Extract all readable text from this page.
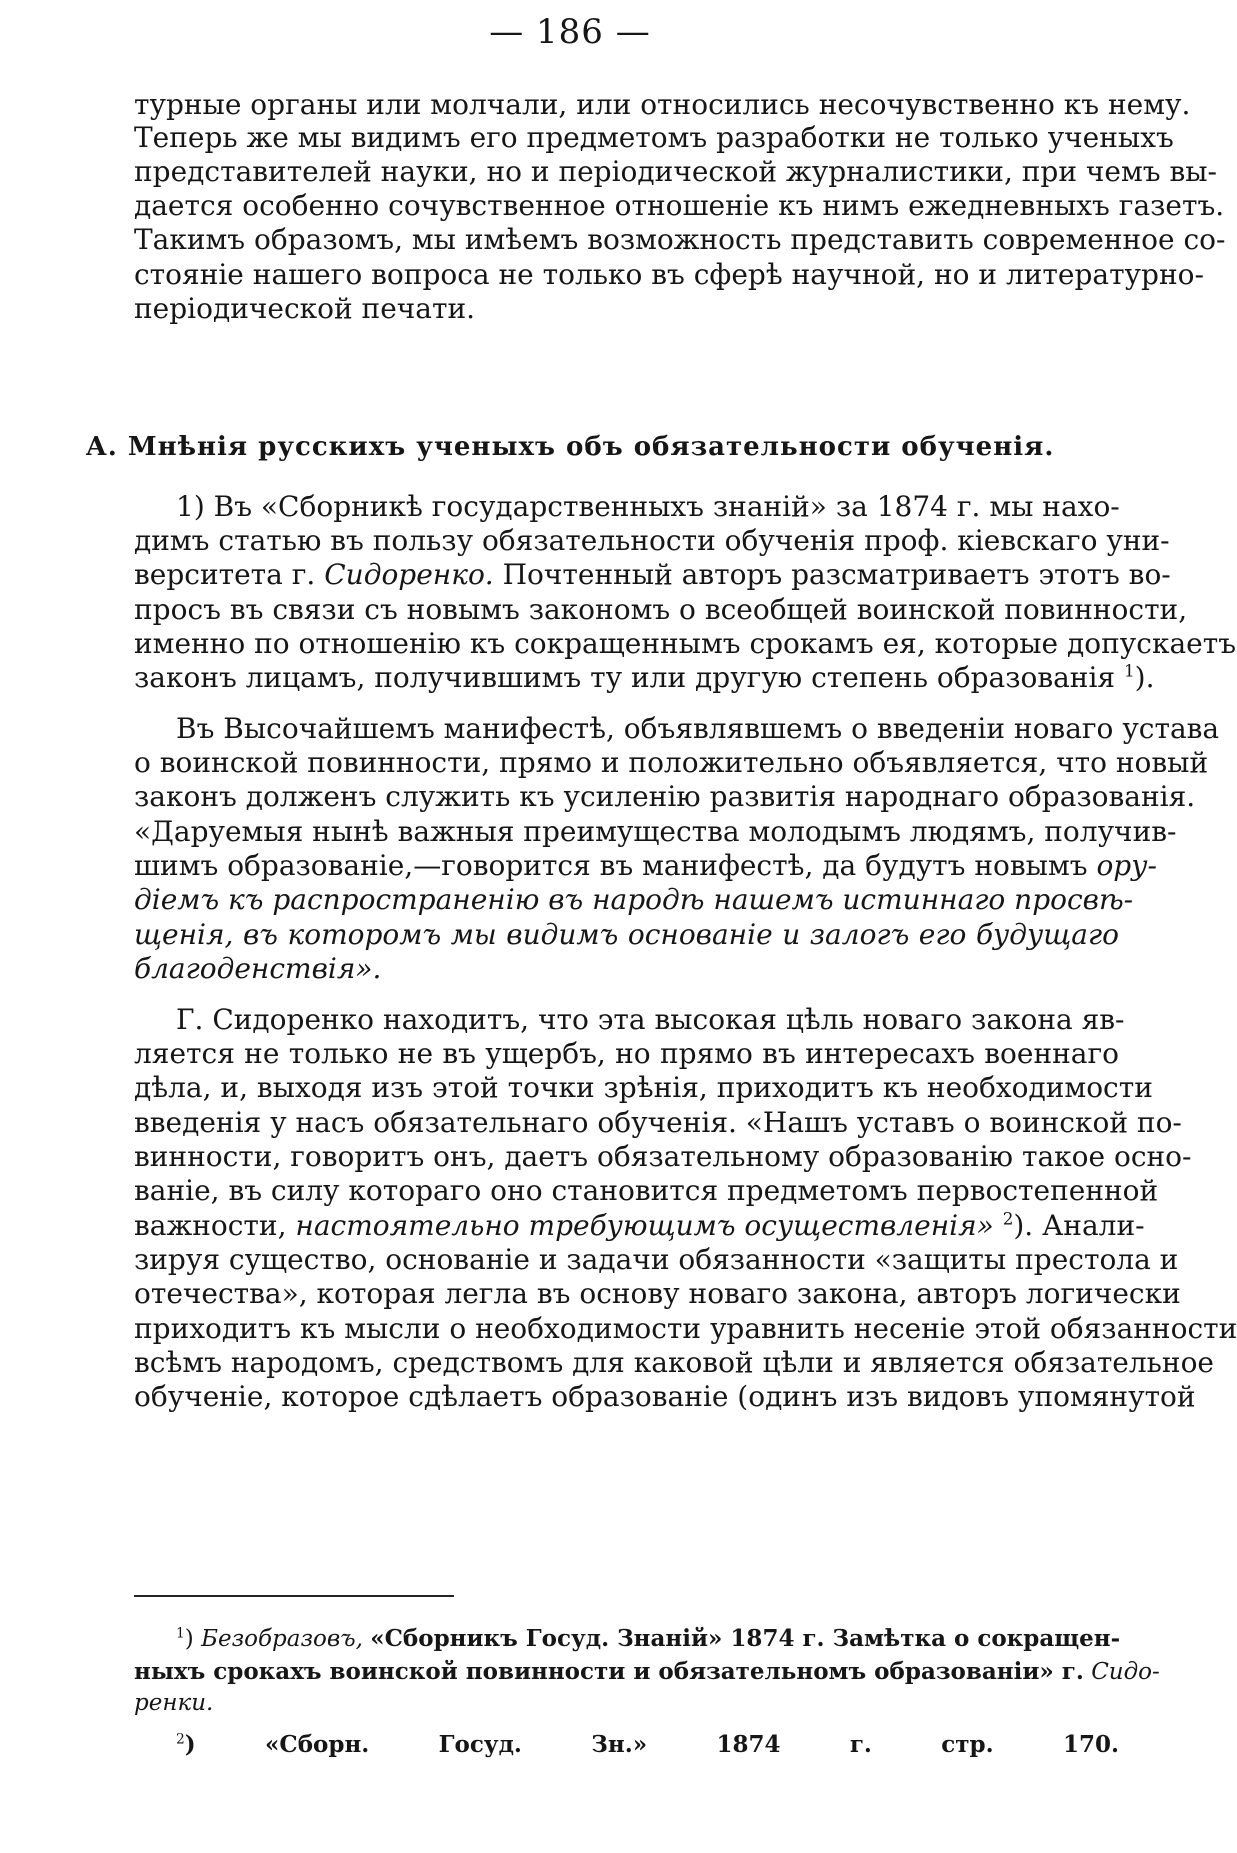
— 186 —
турные органы или молчали, или относились несочувственно къ нему.
Теперь же мы видимъ его предметомъ разработки не только ученыхъ
представителей науки, но и періодической журналистики, при чемъ вы-
дается особенно сочувственное отношеніе къ нимъ ежедневныхъ газетъ.
Такимъ образомъ, мы имѣемъ возможность представить современное со-
стояніе нашего вопроса не только въ сферѣ научной, но и литературно-
періодической печати.
А. Мнѣнія русскихъ ученыхъ объ обязательности обученія.
1) Въ «Сборникѣ государственныхъ знаній» за 1874 г. мы нахо-
димъ статью въ пользу обязательности обученія проф. кіевскаго уни-
верситета г. Сидоренко. Почтенный авторъ разсматриваетъ этотъ во-
просъ въ связи съ новымъ закономъ о всеобщей воинской повинности,
именно по отношенію къ сокращеннымъ срокамъ ея, которые допускаетъ
законъ лицамъ, получившимъ ту или другую степень образованія $^1$).
Въ Высочайшемъ манифестѣ, объявлявшемъ о введеніи новаго устава
о воинской повинности, прямо и положительно объявляется, что новый
законъ долженъ служить къ усиленію развитія народнаго образованія.
«Даруемыя нынѣ важныя преимущества молодымъ людямъ, получив-
шимъ образованіе,—говорится въ манифестѣ, да будутъ новымъ ору-
діемъ къ распространенію въ народѣ нашемъ истиннаго просвѣ-
щенія, въ которомъ мы видимъ основаніе и залогъ его будущаго
благоденствія».
Г. Сидоренко находитъ, что эта высокая цѣль новаго закона яв-
ляется не только не въ ущербъ, но прямо въ интересахъ военнаго
дѣла, и, выходя изъ этой точки зрѣнія, приходитъ къ необходимости
введенія у насъ обязательнаго обученія. «Нашъ уставъ о воинской по-
винности, говоритъ онъ, даетъ обязательному образованію такое осно-
ваніе, въ силу котораго оно становится предметомъ первостепенной
важности, настоятельно требующимъ осуществленія» $^2$). Анали-
зируя существо, основаніе и задачи обязанности «защиты престола и
отечества», которая легла въ основу новаго закона, авторъ логически
приходитъ къ мысли о необходимости уравнить несеніе этой обязанности
всѣмъ народомъ, средствомъ для каковой цѣли и является обязательное
обученіе, которое сдѣлаетъ образованіе (одинъ изъ видовъ упомянутой
$^1$) Безобразовъ, «Сборникъ Госуд. Знаній» 1874 г. Замѣтка о сокращен-
ныхъ срокахъ воинской повинности и обязательномъ образованіи» г. Сидо-
ренки.
$^2$) «Сборн. Госуд. Зн.» 1874 г. стр. 170.
